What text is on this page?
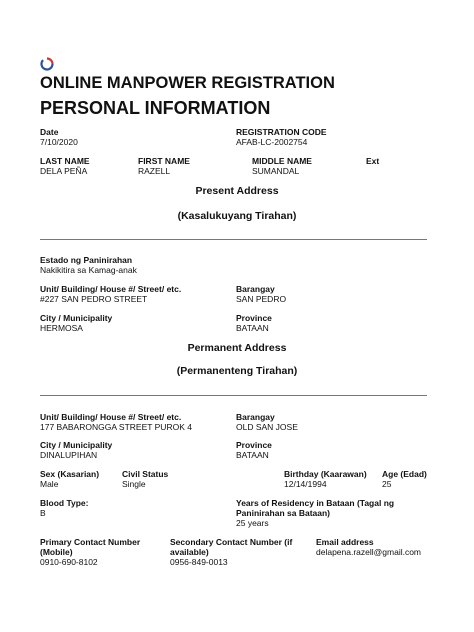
ONLINE MANPOWER REGISTRATION
PERSONAL INFORMATION
Date
7/10/2020
REGISTRATION CODE
AFAB-LC-2002754
LAST NAME
DELA PEÑA
FIRST NAME
RAZELL
MIDDLE NAME
SUMANDAL
Ext
Present Address
(Kasalukuyang Tirahan)
Estado ng Paninirahan
Nakikitira sa Kamag-anak
Unit/ Building/ House #/ Street/ etc.
#227 SAN PEDRO STREET
Barangay
SAN PEDRO
City / Municipality
HERMOSA
Province
BATAAN
Permanent Address
(Permanenteng Tirahan)
Unit/ Building/ House #/ Street/ etc.
177 BABARONGGA STREET PUROK 4
Barangay
OLD SAN JOSE
City / Municipality
DINALUPIHAN
Province
BATAAN
Sex (Kasarian)
Male
Civil Status
Single
Birthday (Kaarawan)
12/14/1994
Age (Edad)
25
Blood Type:
B
Years of Residency in Bataan (Tagal ng Paninirahan sa Bataan)
25 years
Primary Contact Number (Mobile)
0910-690-8102
Secondary Contact Number (if available)
0956-849-0013
Email address
delapena.razell@gmail.com
